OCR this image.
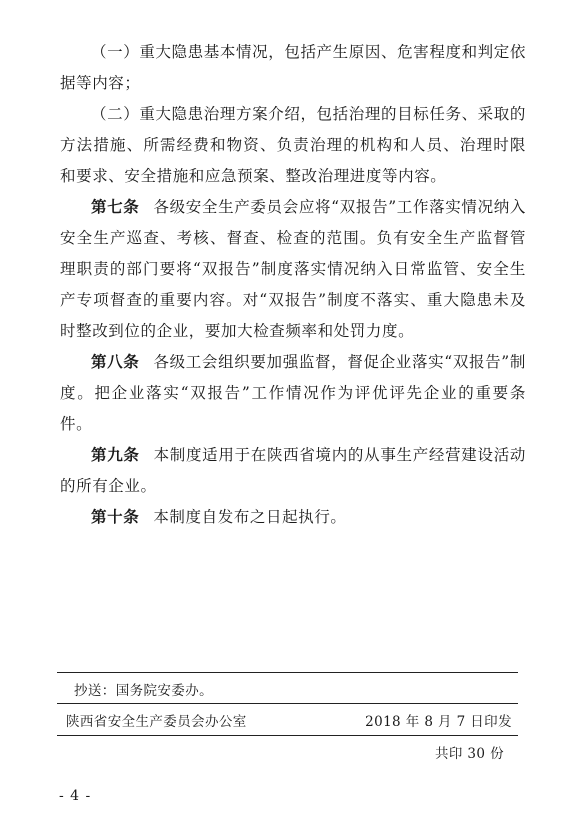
（一）重大隐患基本情况，包括产生原因、危害程度和判定依据等内容；

（二）重大隐患治理方案介绍，包括治理的目标任务、采取的方法措施、所需经费和物资、负责治理的机构和人员、治理时限和要求、安全措施和应急预案、整改治理进度等内容。

第七条 各级安全生产委员会应将“双报告”工作落实情况纳入安全生产巡查、考核、督查、检查的范围。负有安全生产监督管理职责的部门要将“双报告”制度落实情况纳入日常监管、安全生产专项督查的重要内容。对“双报告”制度不落实、重大隐患未及时整改到位的企业，要加大检查频率和处罚力度。

第八条 各级工会组织要加强监督，督促企业落实“双报告”制度。把企业落实“双报告”工作情况作为评优评先企业的重要条件。

第九条 本制度适用于在陕西省境内的从事生产经营建设活动的所有企业。

第十条 本制度自发布之日起执行。

抄送：国务院安委办。
陕西省安全生产委员会办公室	2018 年 8 月 7 日印发
共印 30 份
- 4 -
